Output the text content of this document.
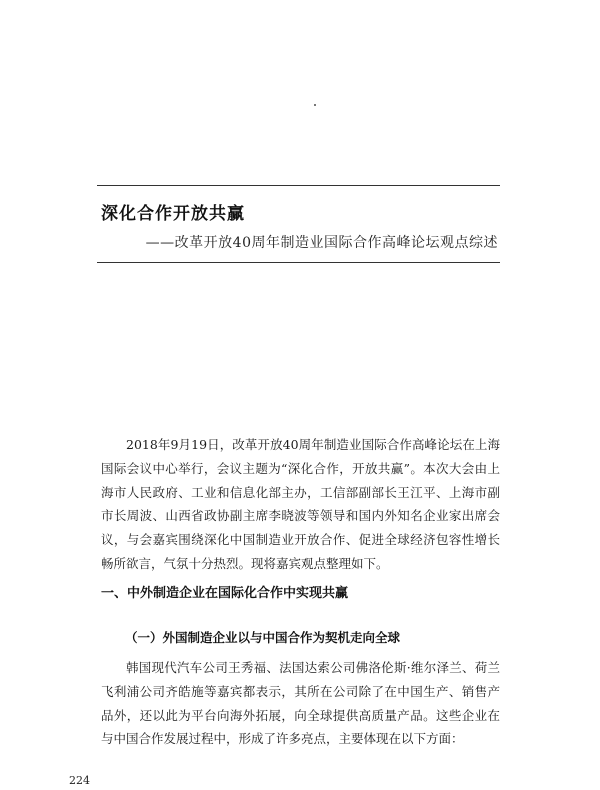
深化合作开放共赢

——改革开放40周年制造业国际合作高峰论坛观点综述

2018年9月19日，改革开放40周年制造业国际合作高峰论坛在上海国际会议中心举行，会议主题为“深化合作，开放共赢”。本次大会由上海市人民政府、工业和信息化部主办，工信部副部长王江平、上海市副市长周波、山西省政协副主席李晓波等领导和国内外知名企业家出席会议，与会嘉宾围绕深化中国制造业开放合作、促进全球经济包容性增长畅所欲言，气氛十分热烈。现将嘉宾观点整理如下。

一、中外制造企业在国际化合作中实现共赢
（一）外国制造企业以与中国合作为契机走向全球

韩国现代汽车公司王秀福、法国达索公司佛洛伦斯·维尔泽兰、荷兰飞利浦公司齐皓施等嘉宾都表示，其所在公司除了在中国生产、销售产品外，还以此为平台向海外拓展，向全球提供高质量产品。这些企业在与中国合作发展过程中，形成了许多亮点，主要体现在以下方面：

224
